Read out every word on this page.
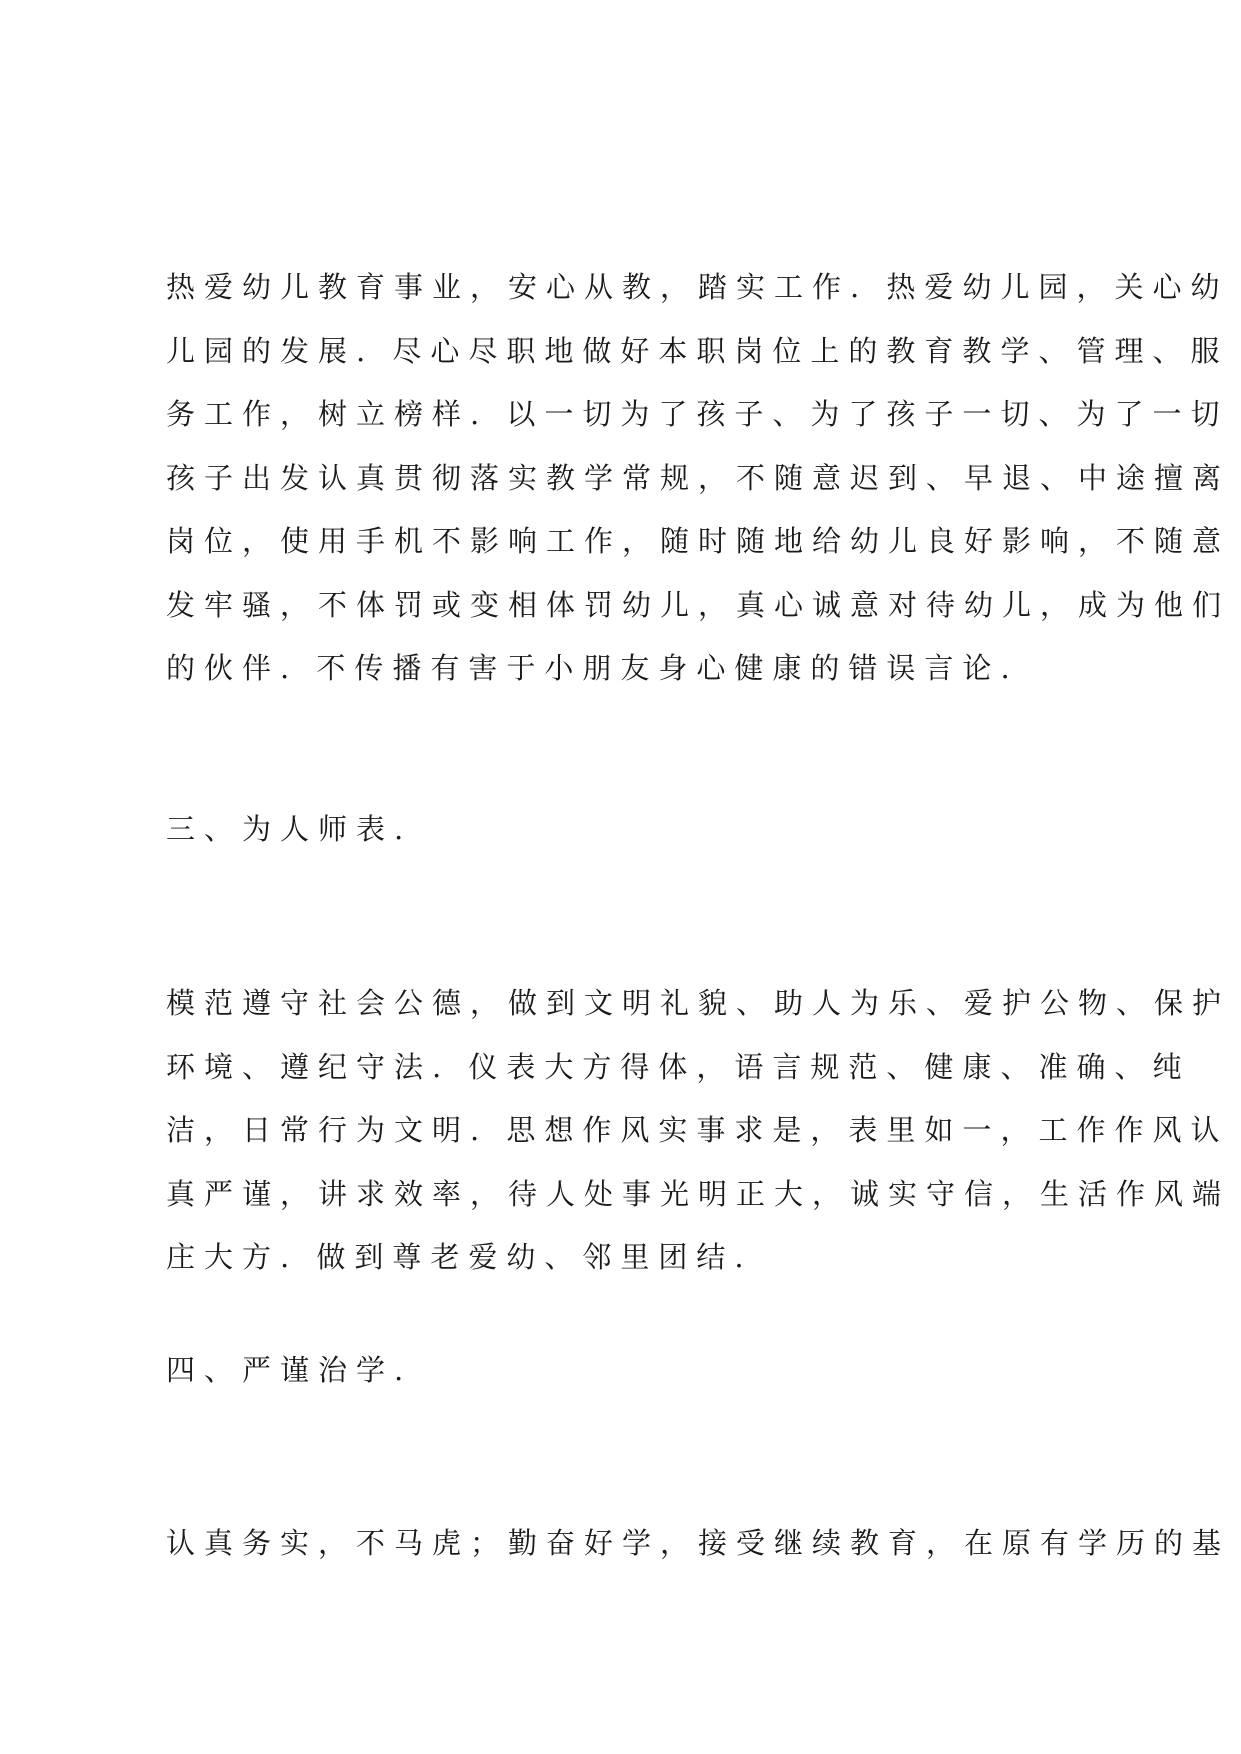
热爱幼儿教育事业，安心从教，踏实工作. 热爱幼儿园，关心幼
儿园的发展. 尽心尽职地做好本职岗位上的教育教学、管理、服
务工作，树立榜样. 以一切为了孩子、为了孩子一切、为了一切
孩子出发认真贯彻落实教学常规，不随意迟到、早退、中途擅离
岗位，使用手机不影响工作，随时随地给幼儿良好影响，不随意
发牢骚，不体罚或变相体罚幼儿，真心诚意对待幼儿，成为他们
的伙伴. 不传播有害于小朋友身心健康的错误言论.
三、为人师表.
模范遵守社会公德，做到文明礼貌、助人为乐、爱护公物、保护
环境、遵纪守法. 仪表大方得体，语言规范、健康、准确、纯
洁，日常行为文明. 思想作风实事求是，表里如一，工作作风认
真严谨，讲求效率，待人处事光明正大，诚实守信，生活作风端
庄大方. 做到尊老爱幼、邻里团结.
四、严谨治学.
认真务实，不马虎；勤奋好学，接受继续教育，在原有学历的基
